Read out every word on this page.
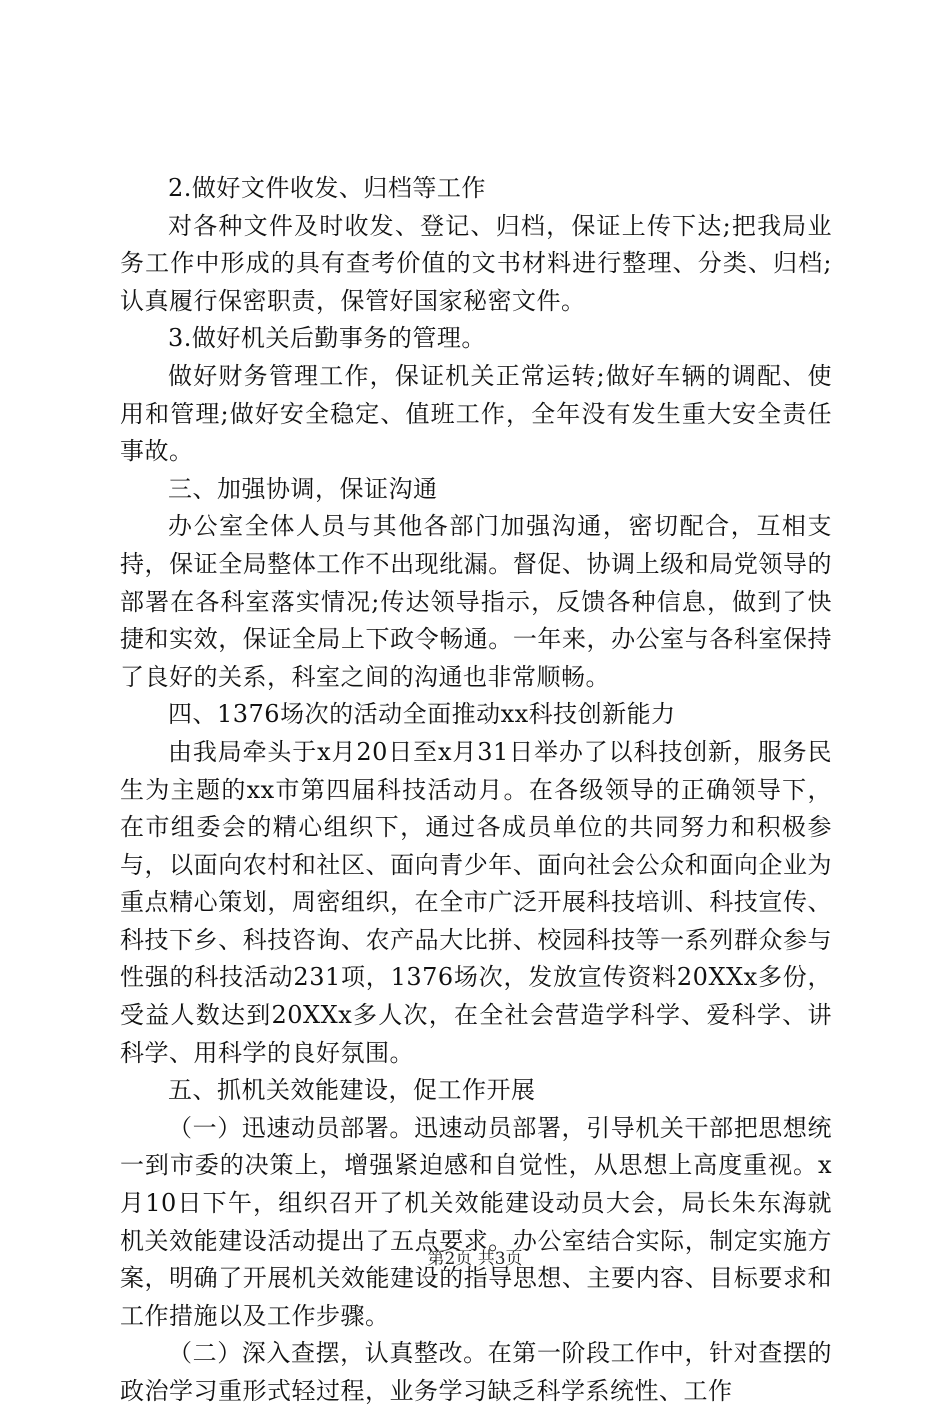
2.做好文件收发、归档等工作

对各种文件及时收发、登记、归档，保证上传下达;把我局业务工作中形成的具有查考价值的文书材料进行整理、分类、归档;认真履行保密职责，保管好国家秘密文件。

3.做好机关后勤事务的管理。

做好财务管理工作，保证机关正常运转;做好车辆的调配、使用和管理;做好安全稳定、值班工作，全年没有发生重大安全责任事故。

三、加强协调，保证沟通

办公室全体人员与其他各部门加强沟通，密切配合，互相支持，保证全局整体工作不出现纰漏。督促、协调上级和局党领导的部署在各科室落实情况;传达领导指示，反馈各种信息，做到了快捷和实效，保证全局上下政令畅通。一年来，办公室与各科室保持了良好的关系，科室之间的沟通也非常顺畅。

四、1376场次的活动全面推动xx科技创新能力

由我局牵头于x月20日至x月31日举办了以科技创新，服务民生为主题的xx市第四届科技活动月。在各级领导的正确领导下，在市组委会的精心组织下，通过各成员单位的共同努力和积极参与，以面向农村和社区、面向青少年、面向社会公众和面向企业为重点精心策划，周密组织，在全市广泛开展科技培训、科技宣传、科技下乡、科技咨询、农产品大比拼、校园科技等一系列群众参与性强的科技活动231项，1376场次，发放宣传资料20XXx多份，受益人数达到20XXx多人次，在全社会营造学科学、爱科学、讲科学、用科学的良好氛围。

五、抓机关效能建设，促工作开展

（一）迅速动员部署。迅速动员部署，引导机关干部把思想统一到市委的决策上，增强紧迫感和自觉性，从思想上高度重视。x月10日下午，组织召开了机关效能建设动员大会，局长朱东海就机关效能建设活动提出了五点要求。办公室结合实际，制定实施方案，明确了开展机关效能建设的指导思想、主要内容、目标要求和工作措施以及工作步骤。

（二）深入查摆，认真整改。在第一阶段工作中，针对查摆的政治学习重形式轻过程，业务学习缺乏科学系统性、工作

第2页 共3页
